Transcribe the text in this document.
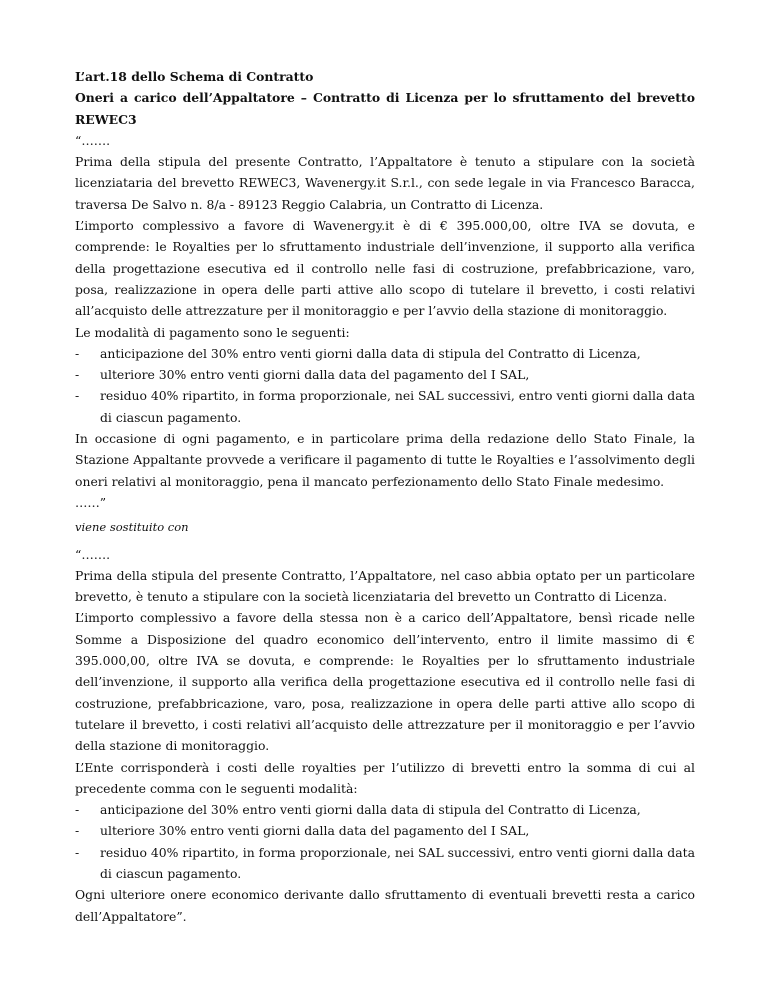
L’art.18 dello Schema di Contratto

Oneri a carico dell’Appaltatore – Contratto di Licenza per lo sfruttamento del brevetto REWEC3

“…….

Prima della stipula del presente Contratto, l’Appaltatore è tenuto a stipulare con la società licenziataria del brevetto REWEC3, Wavenergy.it S.r.l., con sede legale in via Francesco Baracca, traversa De Salvo n. 8/a - 89123 Reggio Calabria, un Contratto di Licenza.

L’importo complessivo a favore di Wavenergy.it è di € 395.000,00, oltre IVA se dovuta, e comprende: le Royalties per lo sfruttamento industriale dell’invenzione, il supporto alla verifica della progettazione esecutiva ed il controllo nelle fasi di costruzione, prefabbricazione, varo, posa, realizzazione in opera delle parti attive allo scopo di tutelare il brevetto, i costi relativi all’acquisto delle attrezzature per il monitoraggio e per l’avvio della stazione di monitoraggio.

Le modalità di pagamento sono le seguenti:

- anticipazione del 30% entro venti giorni dalla data di stipula del Contratto di Licenza,
- ulteriore 30% entro venti giorni dalla data del pagamento del I SAL,
- residuo 40% ripartito, in forma proporzionale, nei SAL successivi, entro venti giorni dalla data di ciascun pagamento.

In occasione di ogni pagamento, e in particolare prima della redazione dello Stato Finale, la Stazione Appaltante provvede a verificare il pagamento di tutte le Royalties e l’assolvimento degli oneri relativi al monitoraggio, pena il mancato perfezionamento dello Stato Finale medesimo.

……”

viene sostituito con

“…….

Prima della stipula del presente Contratto, l’Appaltatore, nel caso abbia optato per un particolare brevetto, è tenuto a stipulare con la società licenziataria del brevetto un Contratto di Licenza.

L’importo complessivo a favore della stessa non è a carico dell’Appaltatore, bensì ricade nelle Somme a Disposizione del quadro economico dell’intervento, entro il limite massimo di € 395.000,00, oltre IVA se dovuta, e comprende: le Royalties per lo sfruttamento industriale dell’invenzione, il supporto alla verifica della progettazione esecutiva ed il controllo nelle fasi di costruzione, prefabbricazione, varo, posa, realizzazione in opera delle parti attive allo scopo di tutelare il brevetto, i costi relativi all’acquisto delle attrezzature per il monitoraggio e per l’avvio della stazione di monitoraggio.

L’Ente corrisponderà i costi delle royalties per l’utilizzo di brevetti entro la somma di cui al precedente comma con le seguenti modalità:

- anticipazione del 30% entro venti giorni dalla data di stipula del Contratto di Licenza,
- ulteriore 30% entro venti giorni dalla data del pagamento del I SAL,
- residuo 40% ripartito, in forma proporzionale, nei SAL successivi, entro venti giorni dalla data di ciascun pagamento.

Ogni ulteriore onere economico derivante dallo sfruttamento di eventuali brevetti resta a carico dell’Appaltatore”.
